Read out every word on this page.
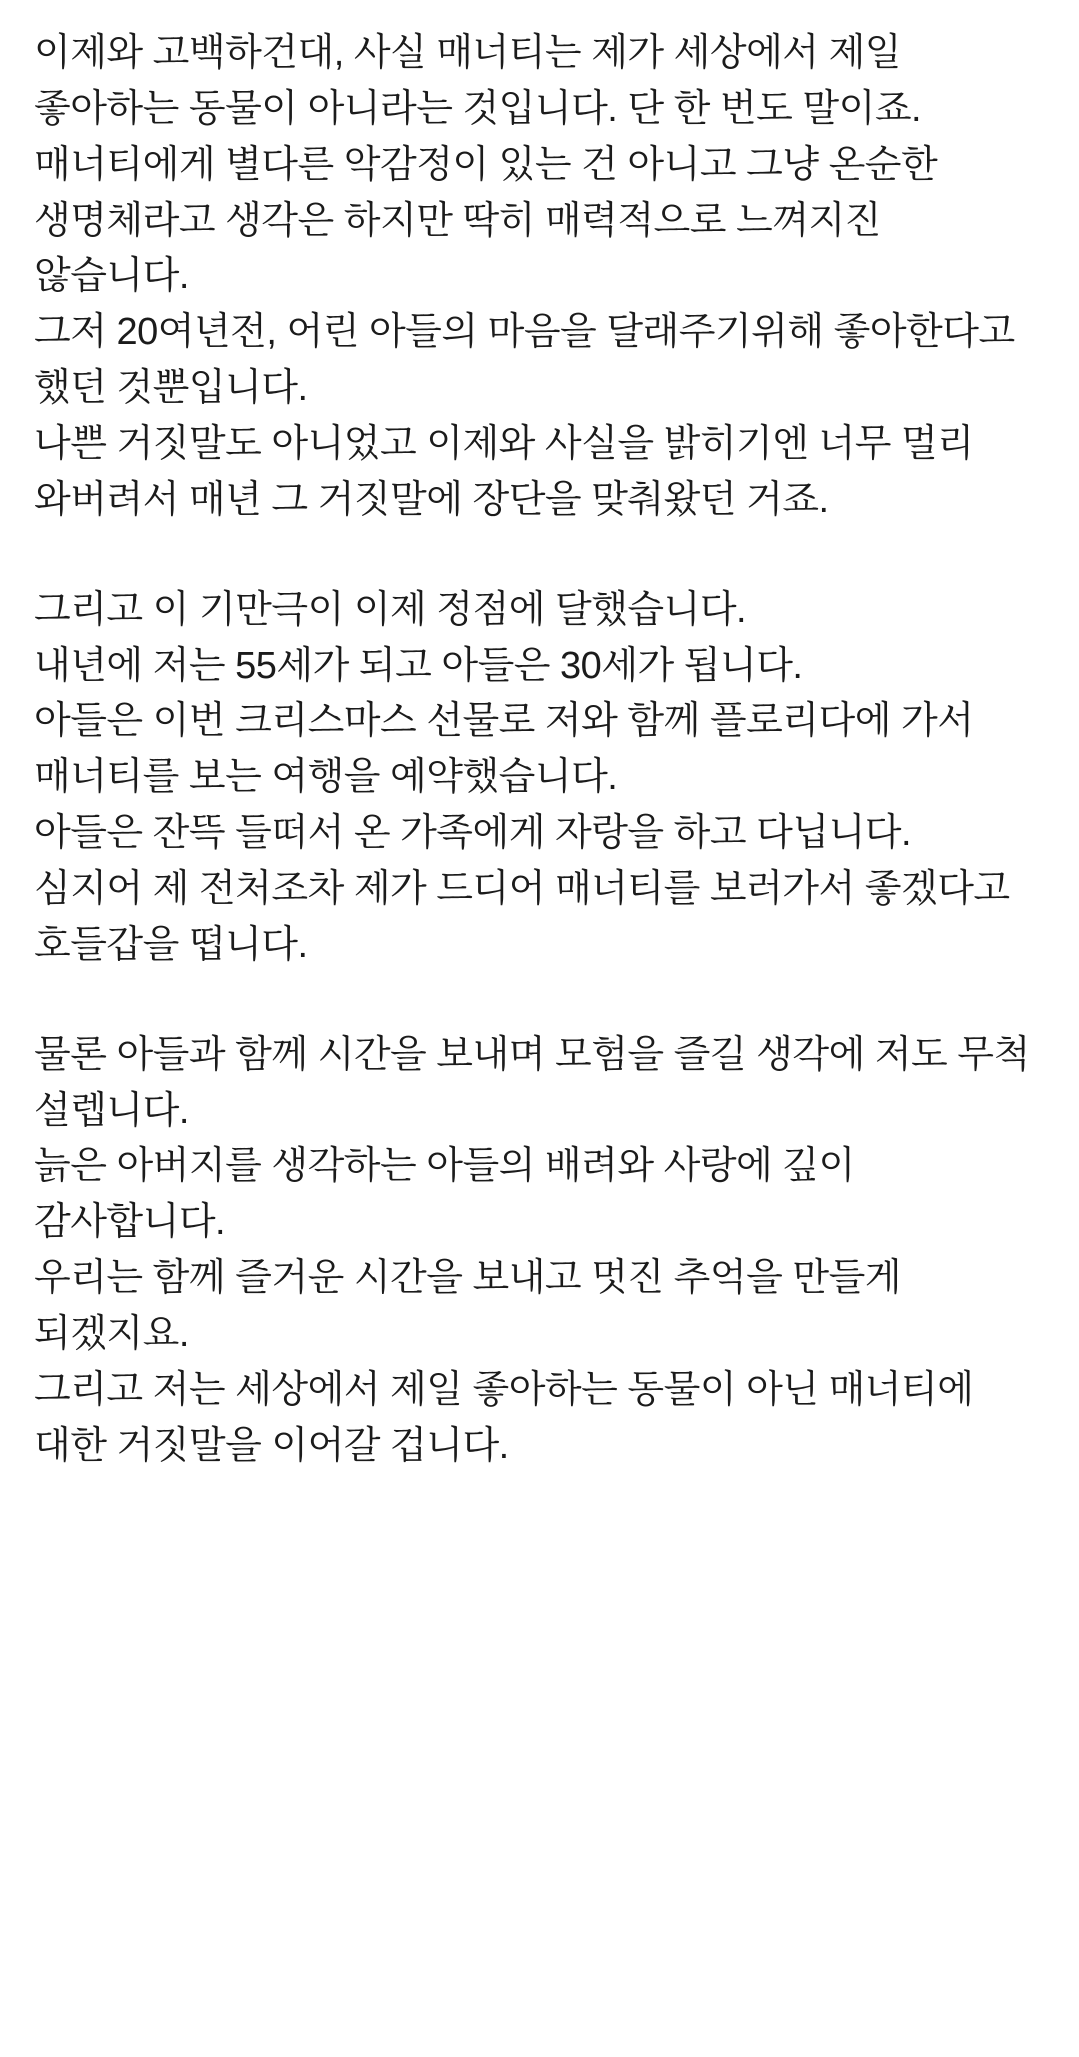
이제와 고백하건대, 사실 매너티는 제가 세상에서 제일 좋아하는 동물이 아니라는 것입니다. 단 한 번도 말이죠.

매너티에게 별다른 악감정이 있는 건 아니고 그냥 온순한 생명체라고 생각은 하지만 딱히 매력적으로 느껴지진 않습니다.

그저 20여년전, 어린 아들의 마음을 달래주기위해 좋아한다고 했던 것뿐입니다.

나쁜 거짓말도 아니었고 이제와 사실을 밝히기엔 너무 멀리 와버려서 매년 그 거짓말에 장단을 맞춰왔던 거죠.

그리고 이 기만극이 이제 정점에 달했습니다.

내년에 저는 55세가 되고 아들은 30세가 됩니다.

아들은 이번 크리스마스 선물로 저와 함께 플로리다에 가서 매너티를 보는 여행을 예약했습니다.

아들은 잔뜩 들떠서 온 가족에게 자랑을 하고 다닙니다.

심지어 제 전처조차 제가 드디어 매너티를 보러가서 좋겠다고 호들갑을 떱니다.

물론 아들과 함께 시간을 보내며 모험을 즐길 생각에 저도 무척 설렙니다.

늙은 아버지를 생각하는 아들의 배려와 사랑에 깊이 감사합니다.

우리는 함께 즐거운 시간을 보내고 멋진 추억을 만들게 되겠지요.

그리고 저는 세상에서 제일 좋아하는 동물이 아닌 매너티에 대한 거짓말을 이어갈 겁니다.
